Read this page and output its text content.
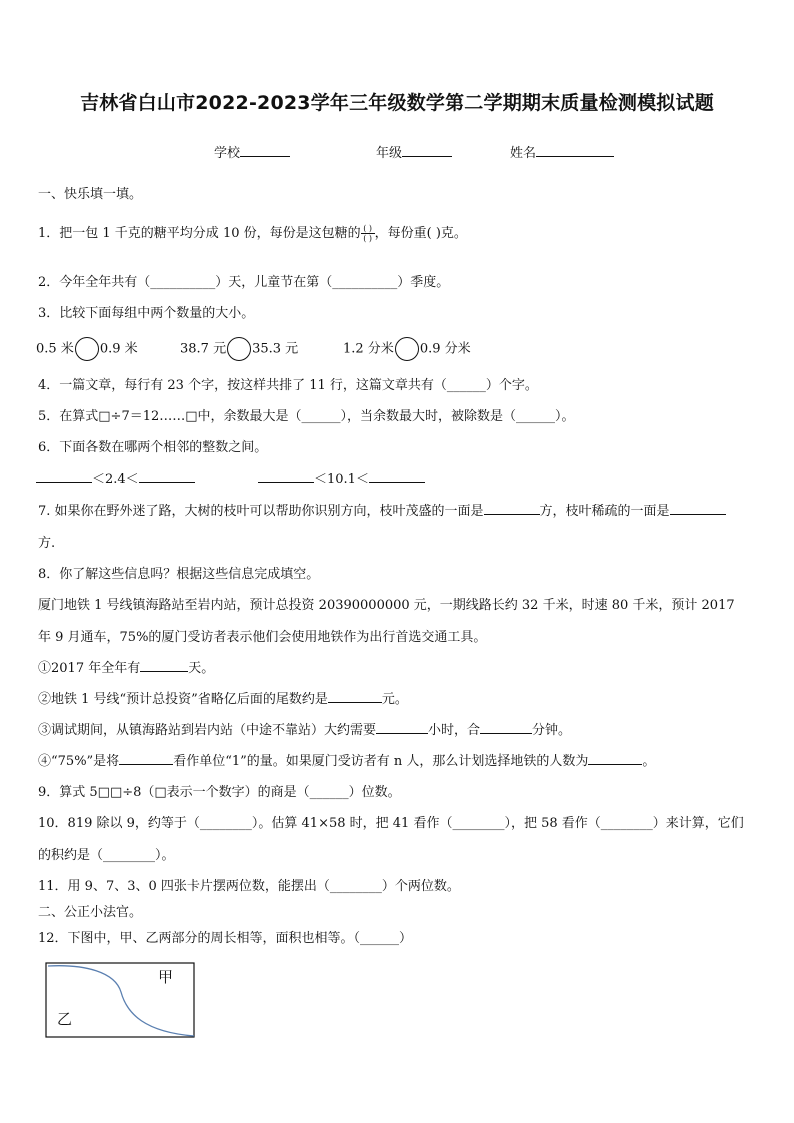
吉林省白山市2022-2023学年三年级数学第二学期期末质量检测模拟试题
学校	年级	姓名
一、快乐填一填。
1．把一包 1 千克的糖平均分成 10 份，每份是这包糖的 $\frac{( )}{( )}$，每份重( )克。
2．今年全年共有（__________）天，儿童节在第（__________）季度。
3．比较下面每组中两个数量的大小。
0.5 米 0.9 米	38.7 元 35.3 元	1.2 分米 0.9 分米
4．一篇文章，每行有 23 个字，按这样共排了 11 行，这篇文章共有（______）个字。
5．在算式□÷7＝12……□中，余数最大是（______），当余数最大时，被除数是（______）。
6．下面各数在哪两个相邻的整数之间。
＜2.4＜	＜10.1＜
7. 如果你在野外迷了路，大树的枝叶可以帮助你识别方向，枝叶茂盛的一面是	方，枝叶稀疏的一面是
方.
8．你了解这些信息吗？根据这些信息完成填空。
厦门地铁 1 号线镇海路站至岩内站，预计总投资 20390000000 元，一期线路长约 32 千米，时速 80 千米，预计 2017
年 9 月通车，75%的厦门受访者表示他们会使用地铁作为出行首选交通工具。
①2017 年全年有	天。
②地铁 1 号线“预计总投资”省略亿后面的尾数约是	元。
③调试期间，从镇海路站到岩内站（中途不靠站）大约需要	小时，合	分钟。
④“75%”是将	看作单位“1”的量。如果厦门受访者有 n 人，那么计划选择地铁的人数为	。
9．算式 5□□÷8（□表示一个数字）的商是（______）位数。
10．819 除以 9，约等于（________）。估算 41×58 时，把 41 看作（________），把 58 看作（________）来计算，它们
的积约是（________）。
11．用 9、7、3、0 四张卡片摆两位数，能摆出（________）个两位数。
二、公正小法官。
12．下图中，甲、乙两部分的周长相等，面积也相等。（______）
甲
乙
